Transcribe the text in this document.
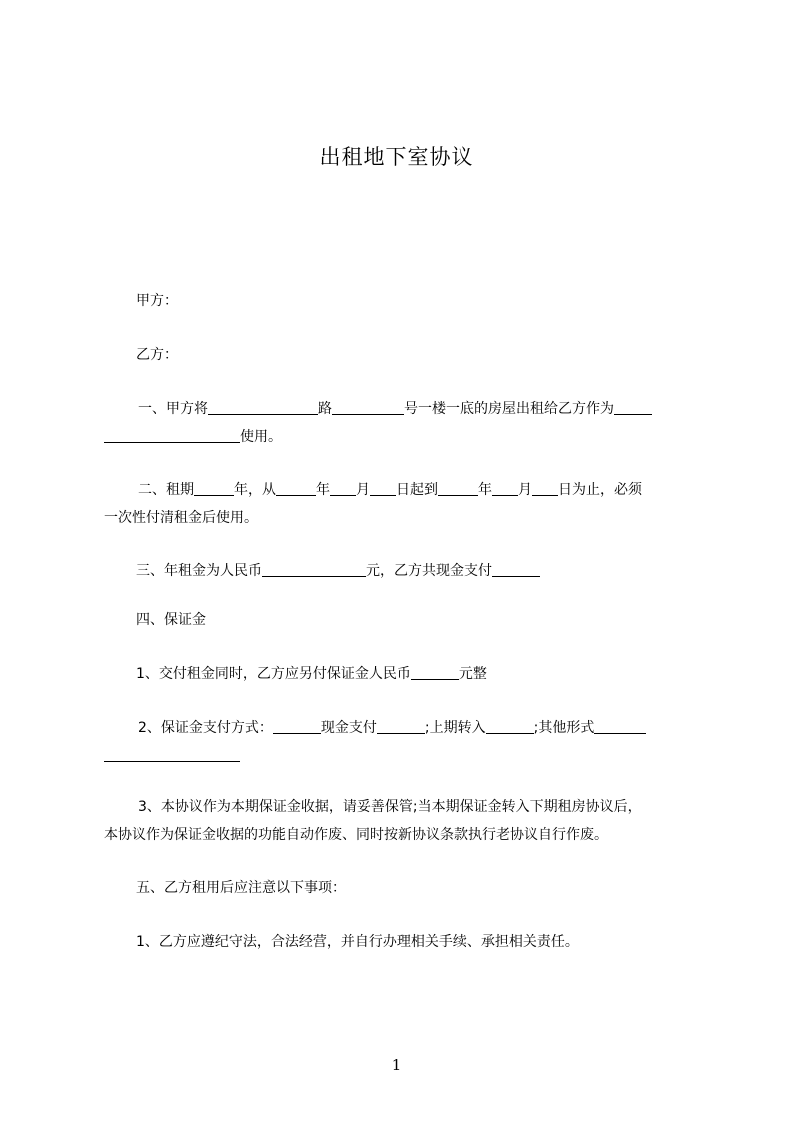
出租地下室协议

甲方：

乙方：

一、甲方将	路	号一楼一底的房屋出租给乙方作为
使用。

二、租期	年，从	年 月 日起到	年 月 日为止，必须
一次性付清租金后使用。

三、年租金为人民币	元，乙方共现金支付

四、保证金

1、交付租金同时，乙方应另付保证金人民币	元整

2、保证金支付方式：	现金支付	;上期转入	;其他形式

3、本协议作为本期保证金收据，请妥善保管;当本期保证金转入下期租房协议后，
本协议作为保证金收据的功能自动作废、同时按新协议条款执行老协议自行作废。

五、乙方租用后应注意以下事项：

1、乙方应遵纪守法，合法经营，并自行办理相关手续、承担相关责任。

1
